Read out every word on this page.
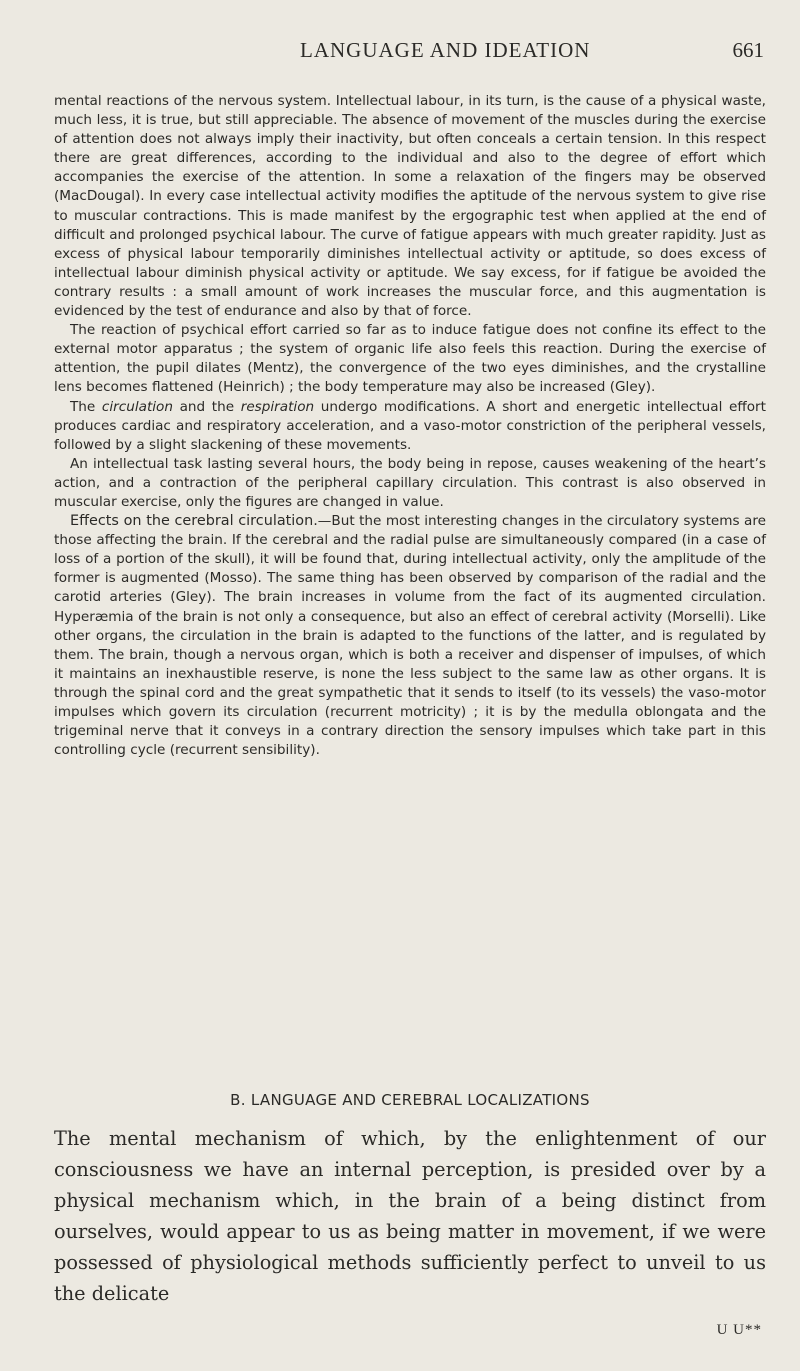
LANGUAGE AND IDEATION	661

mental reactions of the nervous system. Intellectual labour, in its turn, is the cause of a physical waste, much less, it is true, but still appreciable. The absence of movement of the muscles during the exercise of attention does not always imply their inactivity, but often conceals a certain tension. In this respect there are great differences, according to the individual and also to the degree of effort which accompanies the exercise of the attention. In some a relaxation of the fingers may be observed (MacDougal). In every case intellectual activity modifies the aptitude of the nervous system to give rise to muscular contractions. This is made manifest by the ergographic test when applied at the end of difficult and prolonged psychical labour. The curve of fatigue appears with much greater rapidity. Just as excess of physical labour temporarily diminishes intellectual activity or aptitude, so does excess of intellectual labour diminish physical activity or aptitude. We say excess, for if fatigue be avoided the contrary results : a small amount of work increases the muscular force, and this augmentation is evidenced by the test of endurance and also by that of force.

The reaction of psychical effort carried so far as to induce fatigue does not confine its effect to the external motor apparatus ; the system of organic life also feels this reaction. During the exercise of attention, the pupil dilates (Mentz), the convergence of the two eyes diminishes, and the crystalline lens becomes flattened (Heinrich) ; the body temperature may also be increased (Gley).

The circulation and the respiration undergo modifications. A short and energetic intellectual effort produces cardiac and respiratory acceleration, and a vaso-motor constriction of the peripheral vessels, followed by a slight slackening of these movements.

An intellectual task lasting several hours, the body being in repose, causes weakening of the heart’s action, and a contraction of the peripheral capillary circulation. This contrast is also observed in muscular exercise, only the figures are changed in value.

Effects on the cerebral circulation.—But the most interesting changes in the circulatory systems are those affecting the brain. If the cerebral and the radial pulse are simultaneously compared (in a case of loss of a portion of the skull), it will be found that, during intellectual activity, only the amplitude of the former is augmented (Mosso). The same thing has been observed by comparison of the radial and the carotid arteries (Gley). The brain increases in volume from the fact of its augmented circulation. Hyperæmia of the brain is not only a consequence, but also an effect of cerebral activity (Morselli). Like other organs, the circulation in the brain is adapted to the functions of the latter, and is regulated by them. The brain, though a nervous organ, which is both a receiver and dispenser of impulses, of which it maintains an inexhaustible reserve, is none the less subject to the same law as other organs. It is through the spinal cord and the great sympathetic that it sends to itself (to its vessels) the vaso-motor impulses which govern its circulation (recurrent motricity) ; it is by the medulla oblongata and the trigeminal nerve that it conveys in a contrary direction the sensory impulses which take part in this controlling cycle (recurrent sensibility).

B. LANGUAGE AND CEREBRAL LOCALIZATIONS

The mental mechanism of which, by the enlightenment of our consciousness we have an internal perception, is presided over by a physical mechanism which, in the brain of a being distinct from ourselves, would appear to us as being matter in movement, if we were possessed of physiological methods sufficiently perfect to unveil to us the delicate

U U**
